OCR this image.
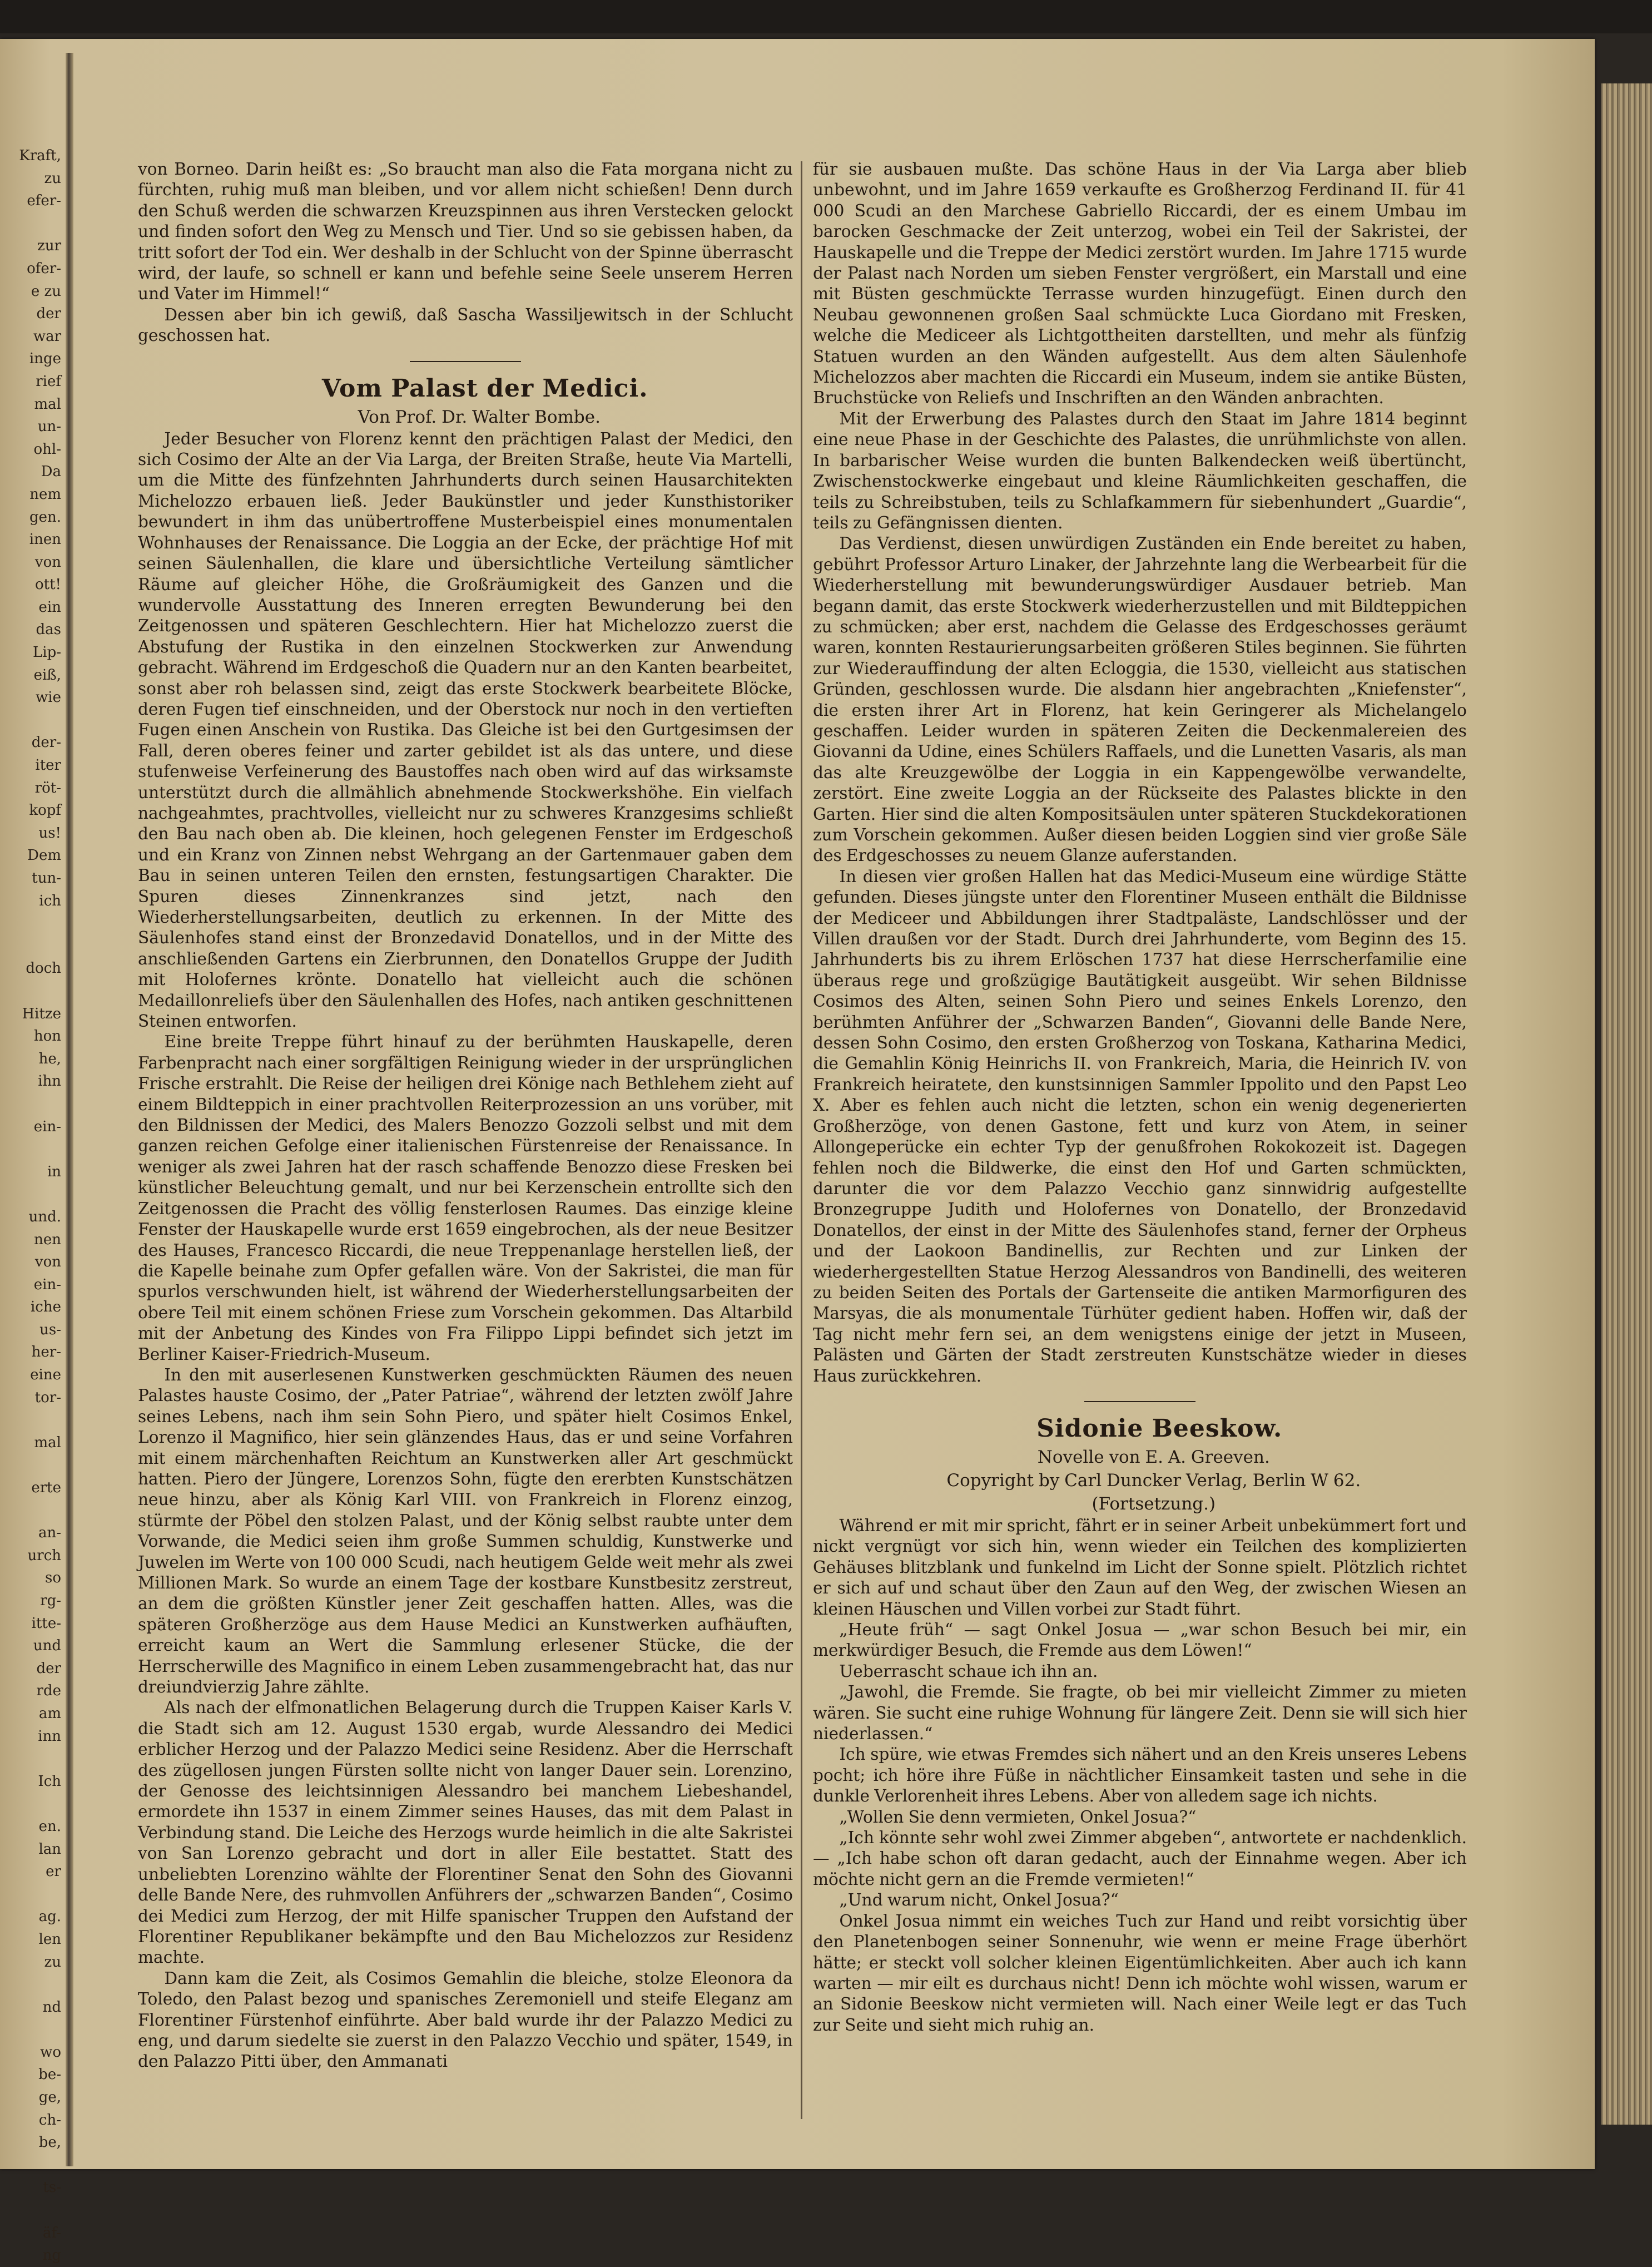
Kraft,
zu
efer-

zur
ofer-
e zu
der
war
inge
rief
mal
un-
ohl-
Da
nem
gen.
inen
von
ott!
ein
das
Lip-
eiß,
wie

der-
iter
röt-
kopf
us!
Dem
tun-
ich

doch

Hitze
hon
he,
ihn

ein-

in

und.
nen
von
ein-
iche
us-
her-
eine
tor-

mal

erte

an-
urch
so
rg-
itte-
und
der
rde
am
inn

Ich

en.
lan
er

ag.
len
zu

nd

wo
be-
ge,
ch-
be,

ts-

äf-
ng

von Borneo. Darin heißt es: „So braucht man also die Fata morgana nicht zu fürchten, ruhig muß man bleiben, und vor allem nicht schießen! Denn durch den Schuß werden die schwarzen Kreuzspinnen aus ihren Verstecken gelockt und finden sofort den Weg zu Mensch und Tier. Und so sie gebissen haben, da tritt sofort der Tod ein. Wer deshalb in der Schlucht von der Spinne überrascht wird, der laufe, so schnell er kann und befehle seine Seele unserem Herren und Vater im Himmel!“

Dessen aber bin ich gewiß, daß Sascha Wassiljewitsch in der Schlucht geschossen hat.

Vom Palast der Medici.

Von Prof. Dr. Walter Bombe.

Jeder Besucher von Florenz kennt den prächtigen Palast der Medici, den sich Cosimo der Alte an der Via Larga, der Breiten Straße, heute Via Martelli, um die Mitte des fünfzehnten Jahrhunderts durch seinen Hausarchitekten Michelozzo erbauen ließ. Jeder Baukünstler und jeder Kunsthistoriker bewundert in ihm das unübertroffene Musterbeispiel eines monumentalen Wohnhauses der Renaissance. Die Loggia an der Ecke, der prächtige Hof mit seinen Säulenhallen, die klare und übersichtliche Verteilung sämtlicher Räume auf gleicher Höhe, die Großräumigkeit des Ganzen und die wundervolle Ausstattung des Inneren erregten Bewunderung bei den Zeitgenossen und späteren Geschlechtern. Hier hat Michelozzo zuerst die Abstufung der Rustika in den einzelnen Stockwerken zur Anwendung gebracht. Während im Erdgeschoß die Quadern nur an den Kanten bearbeitet, sonst aber roh belassen sind, zeigt das erste Stockwerk bearbeitete Blöcke, deren Fugen tief einschneiden, und der Oberstock nur noch in den vertieften Fugen einen Anschein von Rustika. Das Gleiche ist bei den Gurtgesimsen der Fall, deren oberes feiner und zarter gebildet ist als das untere, und diese stufenweise Verfeinerung des Baustoffes nach oben wird auf das wirksamste unterstützt durch die allmählich abnehmende Stockwerkshöhe. Ein vielfach nachgeahmtes, prachtvolles, vielleicht nur zu schweres Kranzgesims schließt den Bau nach oben ab. Die kleinen, hoch gelegenen Fenster im Erdgeschoß und ein Kranz von Zinnen nebst Wehrgang an der Gartenmauer gaben dem Bau in seinen unteren Teilen den ernsten, festungsartigen Charakter. Die Spuren dieses Zinnenkranzes sind jetzt, nach den Wiederherstellungsarbeiten, deutlich zu erkennen. In der Mitte des Säulenhofes stand einst der Bronzedavid Donatellos, und in der Mitte des anschließenden Gartens ein Zierbrunnen, den Donatellos Gruppe der Judith mit Holofernes krönte. Donatello hat vielleicht auch die schönen Medaillonreliefs über den Säulenhallen des Hofes, nach antiken geschnittenen Steinen entworfen.

Eine breite Treppe führt hinauf zu der berühmten Hauskapelle, deren Farbenpracht nach einer sorgfältigen Reinigung wieder in der ursprünglichen Frische erstrahlt. Die Reise der heiligen drei Könige nach Bethlehem zieht auf einem Bildteppich in einer prachtvollen Reiterprozession an uns vorüber, mit den Bildnissen der Medici, des Malers Benozzo Gozzoli selbst und mit dem ganzen reichen Gefolge einer italienischen Fürstenreise der Renaissance. In weniger als zwei Jahren hat der rasch schaffende Benozzo diese Fresken bei künstlicher Beleuchtung gemalt, und nur bei Kerzenschein entrollte sich den Zeitgenossen die Pracht des völlig fensterlosen Raumes. Das einzige kleine Fenster der Hauskapelle wurde erst 1659 eingebrochen, als der neue Besitzer des Hauses, Francesco Riccardi, die neue Treppenanlage herstellen ließ, der die Kapelle beinahe zum Opfer gefallen wäre. Von der Sakristei, die man für spurlos verschwunden hielt, ist während der Wiederherstellungsarbeiten der obere Teil mit einem schönen Friese zum Vorschein gekommen. Das Altarbild mit der Anbetung des Kindes von Fra Filippo Lippi befindet sich jetzt im Berliner Kaiser-Friedrich-Museum.

In den mit auserlesenen Kunstwerken geschmückten Räumen des neuen Palastes hauste Cosimo, der „Pater Patriae“, während der letzten zwölf Jahre seines Lebens, nach ihm sein Sohn Piero, und später hielt Cosimos Enkel, Lorenzo il Magnifico, hier sein glänzendes Haus, das er und seine Vorfahren mit einem märchenhaften Reichtum an Kunstwerken aller Art geschmückt hatten. Piero der Jüngere, Lorenzos Sohn, fügte den ererbten Kunstschätzen neue hinzu, aber als König Karl VIII. von Frankreich in Florenz einzog, stürmte der Pöbel den stolzen Palast, und der König selbst raubte unter dem Vorwande, die Medici seien ihm große Summen schuldig, Kunstwerke und Juwelen im Werte von 100 000 Scudi, nach heutigem Gelde weit mehr als zwei Millionen Mark. So wurde an einem Tage der kostbare Kunstbesitz zerstreut, an dem die größten Künstler jener Zeit geschaffen hatten. Alles, was die späteren Großherzöge aus dem Hause Medici an Kunstwerken aufhäuften, erreicht kaum an Wert die Sammlung erlesener Stücke, die der Herrscherwille des Magnifico in einem Leben zusammengebracht hat, das nur dreiundvierzig Jahre zählte.

Als nach der elfmonatlichen Belagerung durch die Truppen Kaiser Karls V. die Stadt sich am 12. August 1530 ergab, wurde Alessandro dei Medici erblicher Herzog und der Palazzo Medici seine Residenz. Aber die Herrschaft des zügellosen jungen Fürsten sollte nicht von langer Dauer sein. Lorenzino, der Genosse des leichtsinnigen Alessandro bei manchem Liebeshandel, ermordete ihn 1537 in einem Zimmer seines Hauses, das mit dem Palast in Verbindung stand. Die Leiche des Herzogs wurde heimlich in die alte Sakristei von San Lorenzo gebracht und dort in aller Eile bestattet. Statt des unbeliebten Lorenzino wählte der Florentiner Senat den Sohn des Giovanni delle Bande Nere, des ruhmvollen Anführers der „schwarzen Banden“, Cosimo dei Medici zum Herzog, der mit Hilfe spanischer Truppen den Aufstand der Florentiner Republikaner bekämpfte und den Bau Michelozzos zur Residenz machte.

Dann kam die Zeit, als Cosimos Gemahlin die bleiche, stolze Eleonora da Toledo, den Palast bezog und spanisches Zeremoniell und steife Eleganz am Florentiner Fürstenhof einführte. Aber bald wurde ihr der Palazzo Medici zu eng, und darum siedelte sie zuerst in den Palazzo Vecchio und später, 1549, in den Palazzo Pitti über, den Ammanati

für sie ausbauen mußte. Das schöne Haus in der Via Larga aber blieb unbewohnt, und im Jahre 1659 verkaufte es Großherzog Ferdinand II. für 41 000 Scudi an den Marchese Gabriello Riccardi, der es einem Umbau im barocken Geschmacke der Zeit unterzog, wobei ein Teil der Sakristei, der Hauskapelle und die Treppe der Medici zerstört wurden. Im Jahre 1715 wurde der Palast nach Norden um sieben Fenster vergrößert, ein Marstall und eine mit Büsten geschmückte Terrasse wurden hinzugefügt. Einen durch den Neubau gewonnenen großen Saal schmückte Luca Giordano mit Fresken, welche die Mediceer als Lichtgottheiten darstellten, und mehr als fünfzig Statuen wurden an den Wänden aufgestellt. Aus dem alten Säulenhofe Michelozzos aber machten die Riccardi ein Museum, indem sie antike Büsten, Bruchstücke von Reliefs und Inschriften an den Wänden anbrachten.

Mit der Erwerbung des Palastes durch den Staat im Jahre 1814 beginnt eine neue Phase in der Geschichte des Palastes, die unrühmlichste von allen. In barbarischer Weise wurden die bunten Balkendecken weiß übertüncht, Zwischenstockwerke eingebaut und kleine Räumlichkeiten geschaffen, die teils zu Schreibstuben, teils zu Schlafkammern für siebenhundert „Guardie“, teils zu Gefängnissen dienten.

Das Verdienst, diesen unwürdigen Zuständen ein Ende bereitet zu haben, gebührt Professor Arturo Linaker, der Jahrzehnte lang die Werbearbeit für die Wiederherstellung mit bewunderungswürdiger Ausdauer betrieb. Man begann damit, das erste Stockwerk wiederherzustellen und mit Bildteppichen zu schmücken; aber erst, nachdem die Gelasse des Erdgeschosses geräumt waren, konnten Restaurierungsarbeiten größeren Stiles beginnen. Sie führten zur Wiederauffindung der alten Ecloggia, die 1530, vielleicht aus statischen Gründen, geschlossen wurde. Die alsdann hier angebrachten „Kniefenster“, die ersten ihrer Art in Florenz, hat kein Geringerer als Michelangelo geschaffen. Leider wurden in späteren Zeiten die Deckenmalereien des Giovanni da Udine, eines Schülers Raffaels, und die Lunetten Vasaris, als man das alte Kreuzgewölbe der Loggia in ein Kappengewölbe verwandelte, zerstört. Eine zweite Loggia an der Rückseite des Palastes blickte in den Garten. Hier sind die alten Kompositsäulen unter späteren Stuckdekorationen zum Vorschein gekommen. Außer diesen beiden Loggien sind vier große Säle des Erdgeschosses zu neuem Glanze auferstanden.

In diesen vier großen Hallen hat das Medici-Museum eine würdige Stätte gefunden. Dieses jüngste unter den Florentiner Museen enthält die Bildnisse der Mediceer und Abbildungen ihrer Stadtpaläste, Landschlösser und der Villen draußen vor der Stadt. Durch drei Jahrhunderte, vom Beginn des 15. Jahrhunderts bis zu ihrem Erlöschen 1737 hat diese Herrscherfamilie eine überaus rege und großzügige Bautätigkeit ausgeübt. Wir sehen Bildnisse Cosimos des Alten, seinen Sohn Piero und seines Enkels Lorenzo, den berühmten Anführer der „Schwarzen Banden“, Giovanni delle Bande Nere, dessen Sohn Cosimo, den ersten Großherzog von Toskana, Katharina Medici, die Gemahlin König Heinrichs II. von Frankreich, Maria, die Heinrich IV. von Frankreich heiratete, den kunstsinnigen Sammler Ippolito und den Papst Leo X. Aber es fehlen auch nicht die letzten, schon ein wenig degenerierten Großherzöge, von denen Gastone, fett und kurz von Atem, in seiner Allongeperücke ein echter Typ der genußfrohen Rokokozeit ist. Dagegen fehlen noch die Bildwerke, die einst den Hof und Garten schmückten, darunter die vor dem Palazzo Vecchio ganz sinnwidrig aufgestellte Bronzegruppe Judith und Holofernes von Donatello, der Bronzedavid Donatellos, der einst in der Mitte des Säulenhofes stand, ferner der Orpheus und der Laokoon Bandinellis, zur Rechten und zur Linken der wiederhergestellten Statue Herzog Alessandros von Bandinelli, des weiteren zu beiden Seiten des Portals der Gartenseite die antiken Marmorfiguren des Marsyas, die als monumentale Türhüter gedient haben. Hoffen wir, daß der Tag nicht mehr fern sei, an dem wenigstens einige der jetzt in Museen, Palästen und Gärten der Stadt zerstreuten Kunstschätze wieder in dieses Haus zurückkehren.

Sidonie Beeskow.

Novelle von E. A. Greeven.

Copyright by Carl Duncker Verlag, Berlin W 62.

(Fortsetzung.)

Während er mit mir spricht, fährt er in seiner Arbeit unbekümmert fort und nickt vergnügt vor sich hin, wenn wieder ein Teilchen des komplizierten Gehäuses blitzblank und funkelnd im Licht der Sonne spielt. Plötzlich richtet er sich auf und schaut über den Zaun auf den Weg, der zwischen Wiesen an kleinen Häuschen und Villen vorbei zur Stadt führt.

„Heute früh“ — sagt Onkel Josua — „war schon Besuch bei mir, ein merkwürdiger Besuch, die Fremde aus dem Löwen!“

Ueberrascht schaue ich ihn an.

„Jawohl, die Fremde. Sie fragte, ob bei mir vielleicht Zimmer zu mieten wären. Sie sucht eine ruhige Wohnung für längere Zeit. Denn sie will sich hier niederlassen.“

Ich spüre, wie etwas Fremdes sich nähert und an den Kreis unseres Lebens pocht; ich höre ihre Füße in nächtlicher Einsamkeit tasten und sehe in die dunkle Verlorenheit ihres Lebens. Aber von alledem sage ich nichts.

„Wollen Sie denn vermieten, Onkel Josua?“

„Ich könnte sehr wohl zwei Zimmer abgeben“, antwortete er nachdenklich. — „Ich habe schon oft daran gedacht, auch der Einnahme wegen. Aber ich möchte nicht gern an die Fremde vermieten!“

„Und warum nicht, Onkel Josua?“

Onkel Josua nimmt ein weiches Tuch zur Hand und reibt vorsichtig über den Planetenbogen seiner Sonnenuhr, wie wenn er meine Frage überhört hätte; er steckt voll solcher kleinen Eigentümlichkeiten. Aber auch ich kann warten — mir eilt es durchaus nicht! Denn ich möchte wohl wissen, warum er an Sidonie Beeskow nicht vermieten will. Nach einer Weile legt er das Tuch zur Seite und sieht mich ruhig an.
